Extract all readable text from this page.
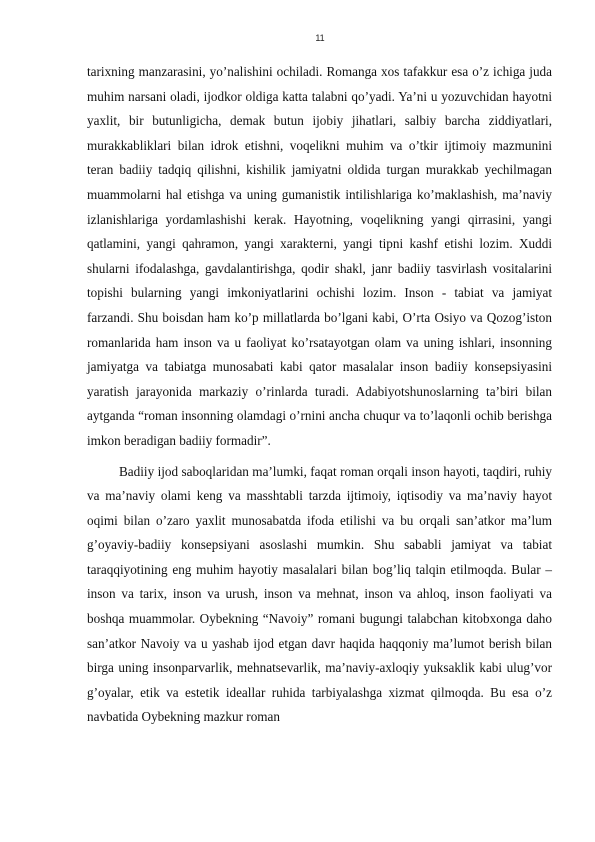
11

tarixning manzarasini, yo’nalishini ochiladi. Romanga xos tafakkur esa o’z ichiga juda muhim narsani oladi, ijodkor oldiga katta talabni qo’yadi. Ya’ni u yozuvchidan hayotni yaxlit, bir butunligicha, demak butun ijobiy jihatlari, salbiy barcha ziddiyatlari, murakkabliklari bilan idrok etishni, voqelikni muhim va o’tkir ijtimoiy mazmunini teran badiiy tadqiq qilishni, kishilik jamiyatni oldida turgan murakkab yechilmagan muammolarni hal etishga va uning gumanistik intilishlariga ko’maklashish, ma’naviy izlanishlariga yordamlashishi kerak. Hayotning, voqelikning yangi qirrasini, yangi qatlamini, yangi qahramon, yangi xarakterni, yangi tipni kashf etishi lozim. Xuddi shularni ifodalashga, gavdalantirishga, qodir shakl, janr badiiy tasvirlash vositalarini topishi bularning yangi imkoniyatlarini ochishi lozim. Inson - tabiat va jamiyat farzandi. Shu boisdan ham ko’p millatlarda bo’lgani kabi, O’rta Osiyo va Qozog’iston romanlarida ham inson va u faoliyat ko’rsatayotgan olam va uning ishlari, insonning jamiyatga va tabiatga munosabati kabi qator masalalar inson badiiy konsepsiyasini yaratish jarayonida markaziy o’rinlarda turadi. Adabiyotshunoslarning ta’biri bilan aytganda “roman insonning olamdagi o’rnini ancha chuqur va to’laqonli ochib berishga imkon beradigan badiiy formadir”.

Badiiy ijod saboqlaridan ma’lumki, faqat roman orqali inson hayoti, taqdiri, ruhiy va ma’naviy olami keng va masshtabli tarzda ijtimoiy, iqtisodiy va ma’naviy hayot oqimi bilan o’zaro yaxlit munosabatda ifoda etilishi va bu orqali san’atkor ma’lum g’oyaviy-badiiy konsepsiyani asoslashi mumkin. Shu sababli jamiyat va tabiat taraqqiyotining eng muhim hayotiy masalalari bilan bog’liq talqin etilmoqda. Bular – inson va tarix, inson va urush, inson va mehnat, inson va ahloq, inson faoliyati va boshqa muammolar. Oybekning “Navoiy” romani bugungi talabchan kitobxonga daho san’atkor Navoiy va u yashab ijod etgan davr haqida haqqoniy ma’lumot berish bilan birga uning insonparvarlik, mehnatsevarlik, ma’naviy-axloqiy yuksaklik kabi ulug’vor g’oyalar, etik va estetik ideallar ruhida tarbiyalashga xizmat qilmoqda. Bu esa o’z navbatida Oybekning mazkur roman
